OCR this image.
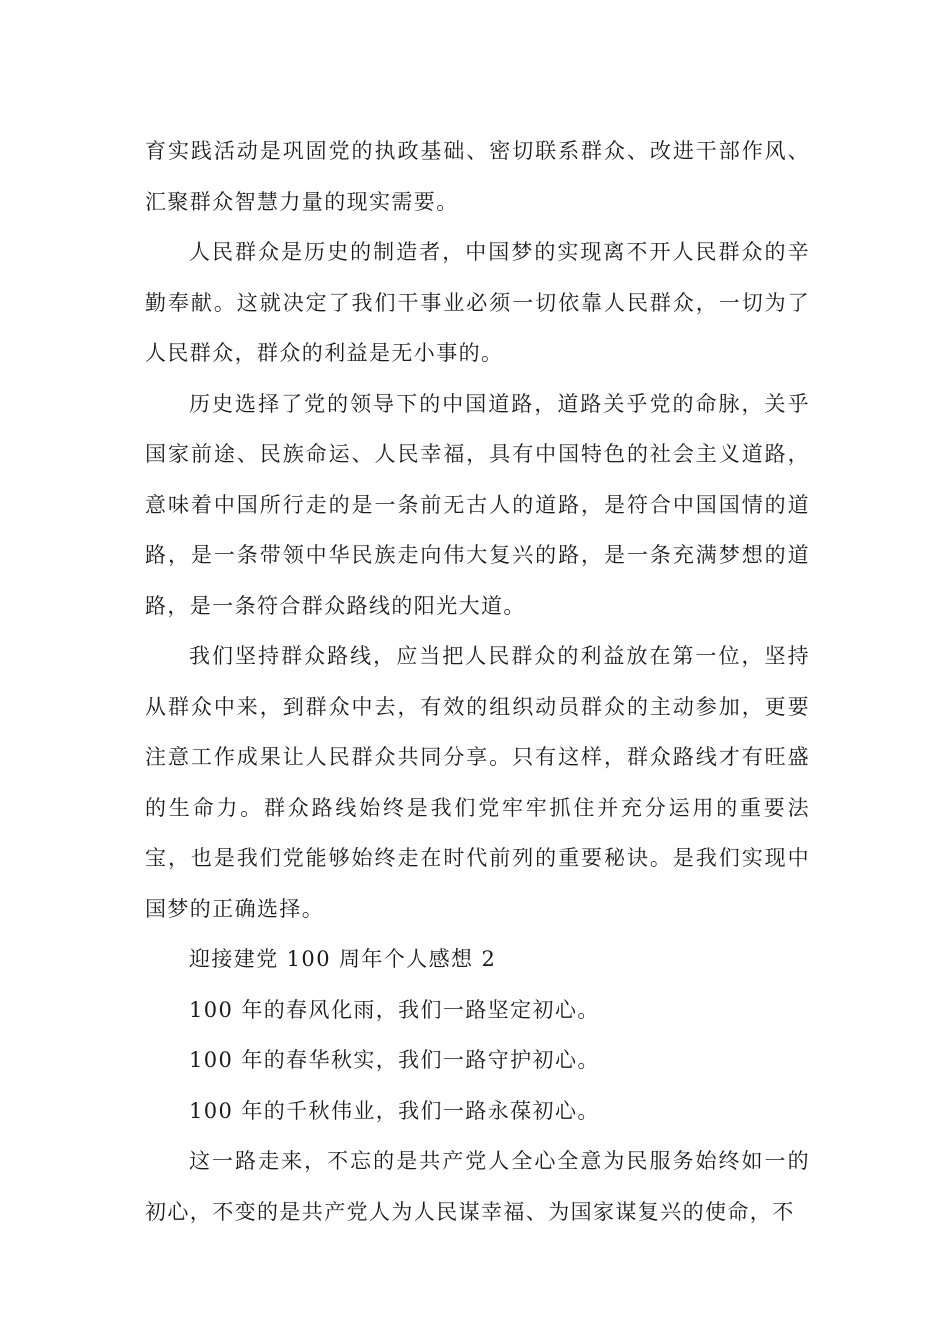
育实践活动是巩固党的执政基础、密切联系群众、改进干部作风、汇聚群众智慧力量的现实需要。

人民群众是历史的制造者，中国梦的实现离不开人民群众的辛勤奉献。这就决定了我们干事业必须一切依靠人民群众，一切为了人民群众，群众的利益是无小事的。

历史选择了党的领导下的中国道路，道路关乎党的命脉，关乎国家前途、民族命运、人民幸福，具有中国特色的社会主义道路，意味着中国所行走的是一条前无古人的道路，是符合中国国情的道路，是一条带领中华民族走向伟大复兴的路，是一条充满梦想的道路，是一条符合群众路线的阳光大道。

我们坚持群众路线，应当把人民群众的利益放在第一位，坚持从群众中来，到群众中去，有效的组织动员群众的主动参加，更要注意工作成果让人民群众共同分享。只有这样，群众路线才有旺盛的生命力。群众路线始终是我们党牢牢抓住并充分运用的重要法宝，也是我们党能够始终走在时代前列的重要秘诀。是我们实现中国梦的正确选择。

迎接建党 100 周年个人感想 2

100 年的春风化雨，我们一路坚定初心。

100 年的春华秋实，我们一路守护初心。

100 年的千秋伟业，我们一路永葆初心。

这一路走来，不忘的是共产党人全心全意为民服务始终如一的初心，不变的是共产党人为人民谋幸福、为国家谋复兴的使命，不
